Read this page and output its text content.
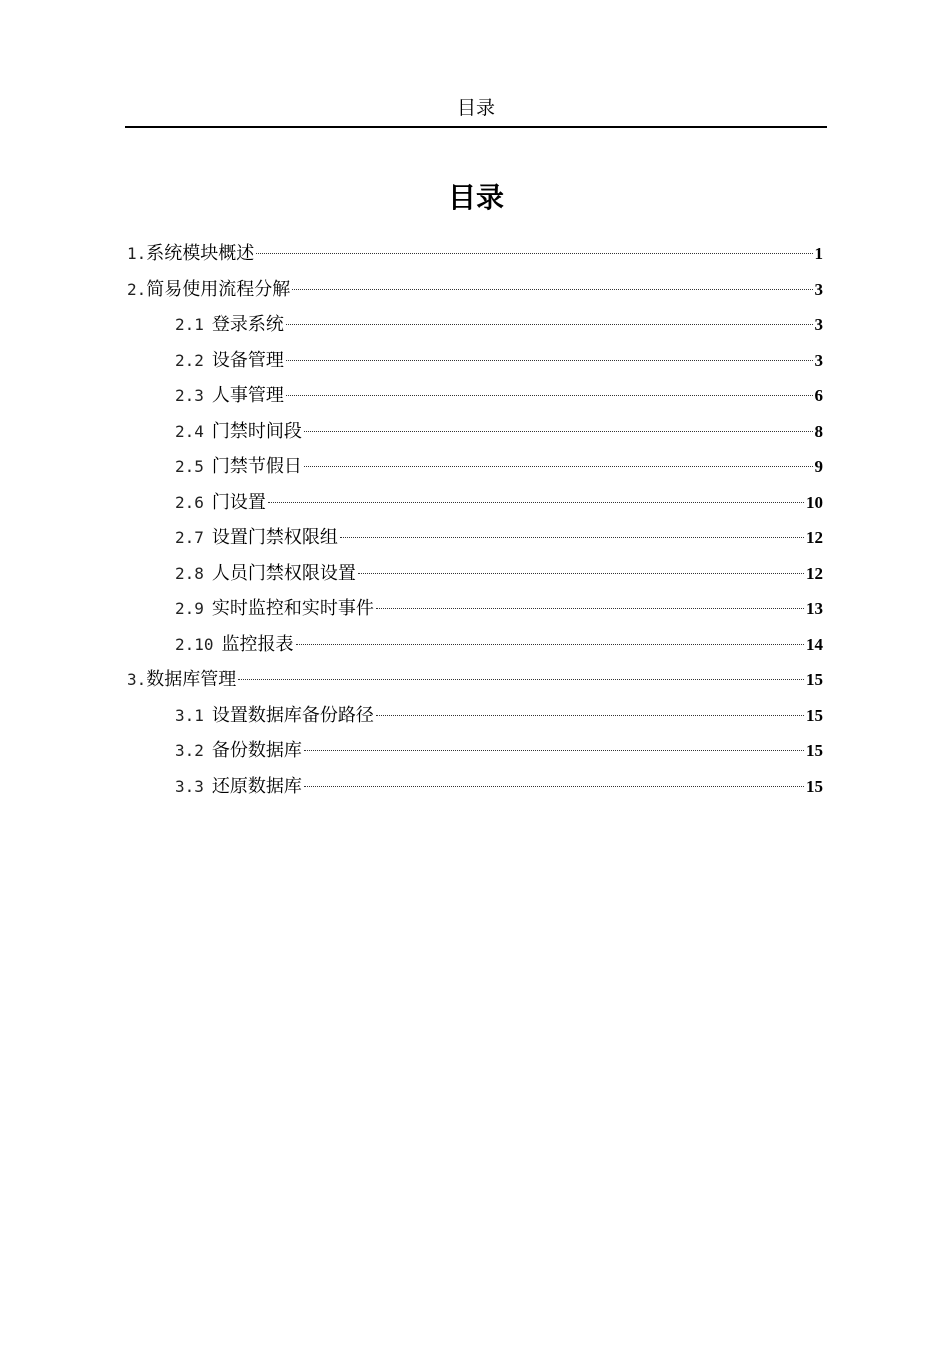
目录
目录
1. 系统模块概述	1
2. 简易使用流程分解	3
2.1 登录系统	3
2.2 设备管理	3
2.3 人事管理	6
2.4 门禁时间段	8
2.5 门禁节假日	9
2.6 门设置	10
2.7 设置门禁权限组	12
2.8 人员门禁权限设置	12
2.9 实时监控和实时事件	13
2.10 监控报表	14
3. 数据库管理	15
3.1 设置数据库备份路径	15
3.2 备份数据库	15
3.3 还原数据库	15
